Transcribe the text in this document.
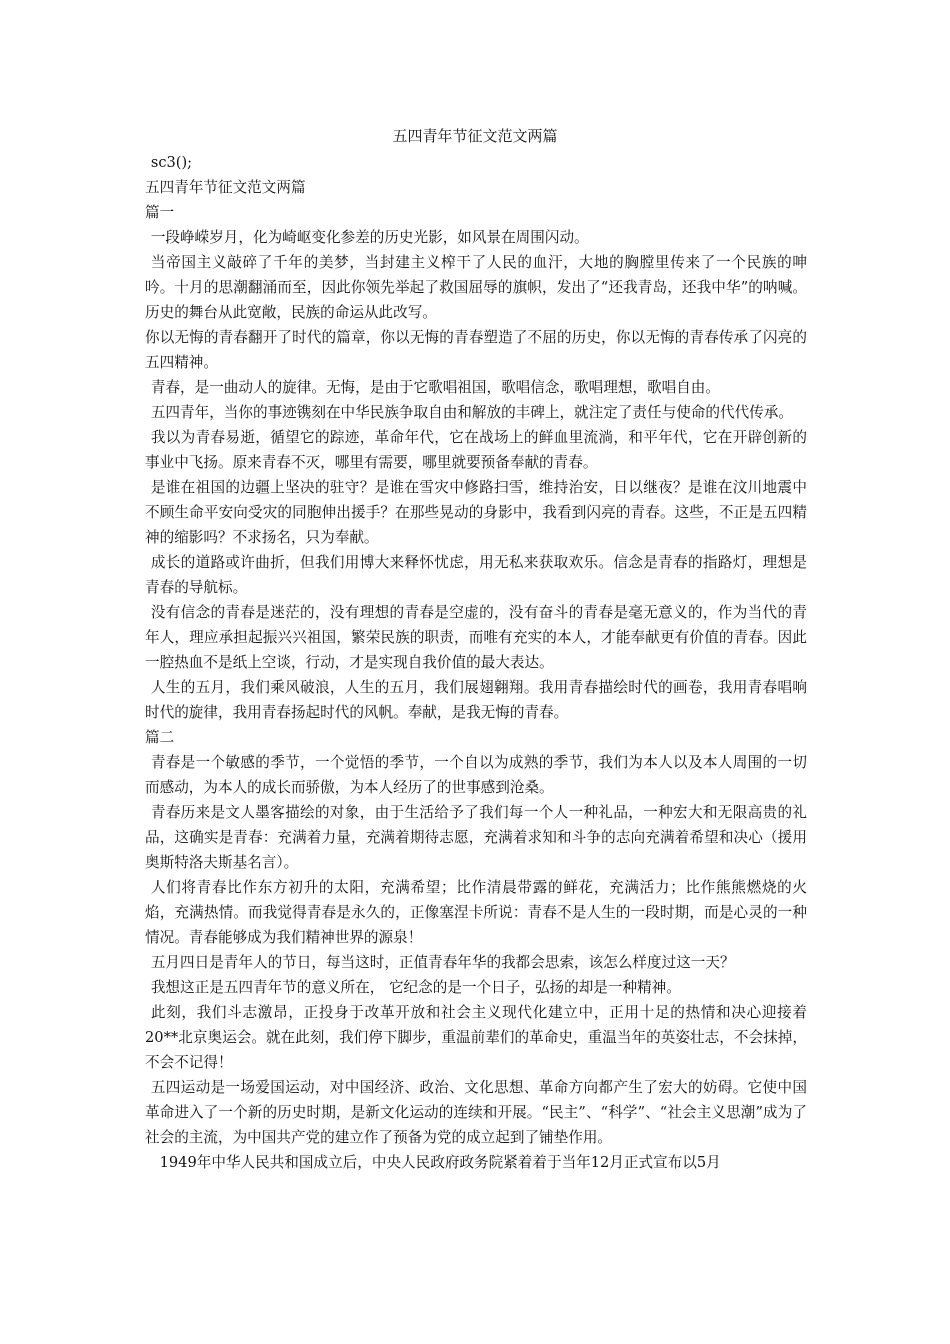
五四青年节征文范文两篇

sc3();

五四青年节征文范文两篇

篇一

一段峥嵘岁月，化为崎岖变化参差的历史光影，如风景在周围闪动。

当帝国主义敲碎了千年的美梦，当封建主义榨干了人民的血汗，大地的胸膛里传来了一个民族的呻吟。十月的思潮翻涌而至，因此你领先举起了救国屈辱的旗帜，发出了“还我青岛，还我中华”的呐喊。历史的舞台从此宽敞，民族的命运从此改写。

你以无悔的青春翻开了时代的篇章，你以无悔的青春塑造了不屈的历史，你以无悔的青春传承了闪亮的五四精神。

青春，是一曲动人的旋律。无悔，是由于它歌唱祖国，歌唱信念，歌唱理想，歌唱自由。

五四青年，当你的事迹镌刻在中华民族争取自由和解放的丰碑上，就注定了责任与使命的代代传承。

我以为青春易逝，循望它的踪迹，革命年代，它在战场上的鲜血里流淌，和平年代，它在开辟创新的事业中飞扬。原来青春不灭，哪里有需要，哪里就要预备奉献的青春。

是谁在祖国的边疆上坚决的驻守？是谁在雪灾中修路扫雪，维持治安，日以继夜？是谁在汶川地震中不顾生命平安向受灾的同胞伸出援手？在那些晃动的身影中，我看到闪亮的青春。这些，不正是五四精神的缩影吗？不求扬名，只为奉献。

成长的道路或许曲折，但我们用博大来释怀忧虑，用无私来获取欢乐。信念是青春的指路灯，理想是青春的导航标。

没有信念的青春是迷茫的，没有理想的青春是空虚的，没有奋斗的青春是毫无意义的，作为当代的青年人，理应承担起振兴兴祖国，繁荣民族的职责，而唯有充实的本人，才能奉献更有价值的青春。因此一腔热血不是纸上空谈，行动，才是实现自我价值的最大表达。

人生的五月，我们乘风破浪，人生的五月，我们展翅翱翔。我用青春描绘时代的画卷，我用青春唱响时代的旋律，我用青春扬起时代的风帆。奉献，是我无悔的青春。

篇二

青春是一个敏感的季节，一个觉悟的季节，一个自以为成熟的季节，我们为本人以及本人周围的一切而感动，为本人的成长而骄傲，为本人经历了的世事感到沧桑。

青春历来是文人墨客描绘的对象，由于生活给予了我们每一个人一种礼品，一种宏大和无限高贵的礼品，这确实是青春：充满着力量，充满着期待志愿，充满着求知和斗争的志向充满着希望和决心（援用奥斯特洛夫斯基名言）。

人们将青春比作东方初升的太阳，充满希望；比作清晨带露的鲜花，充满活力；比作熊熊燃烧的火焰，充满热情。而我觉得青春是永久的，正像塞涅卡所说：青春不是人生的一段时期，而是心灵的一种情况。青春能够成为我们精神世界的源泉！

五月四日是青年人的节日，每当这时，正值青春年华的我都会思索，该怎么样度过这一天？

我想这正是五四青年节的意义所在， 它纪念的是一个日子，弘扬的却是一种精神。

此刻，我们斗志激昂，正投身于改革开放和社会主义现代化建立中，正用十足的热情和决心迎接着20**北京奥运会。就在此刻，我们停下脚步，重温前辈们的革命史，重温当年的英姿壮志，不会抹掉，不会不记得！

五四运动是一场爱国运动，对中国经济、政治、文化思想、革命方向都产生了宏大的妨碍。它使中国革命进入了一个新的历史时期，是新文化运动的连续和开展。“民主”、“科学”、“社会主义思潮”成为了社会的主流，为中国共产党的建立作了预备为党的成立起到了铺垫作用。

1949年中华人民共和国成立后，中央人民政府政务院紧着着于当年12月正式宣布以5月
